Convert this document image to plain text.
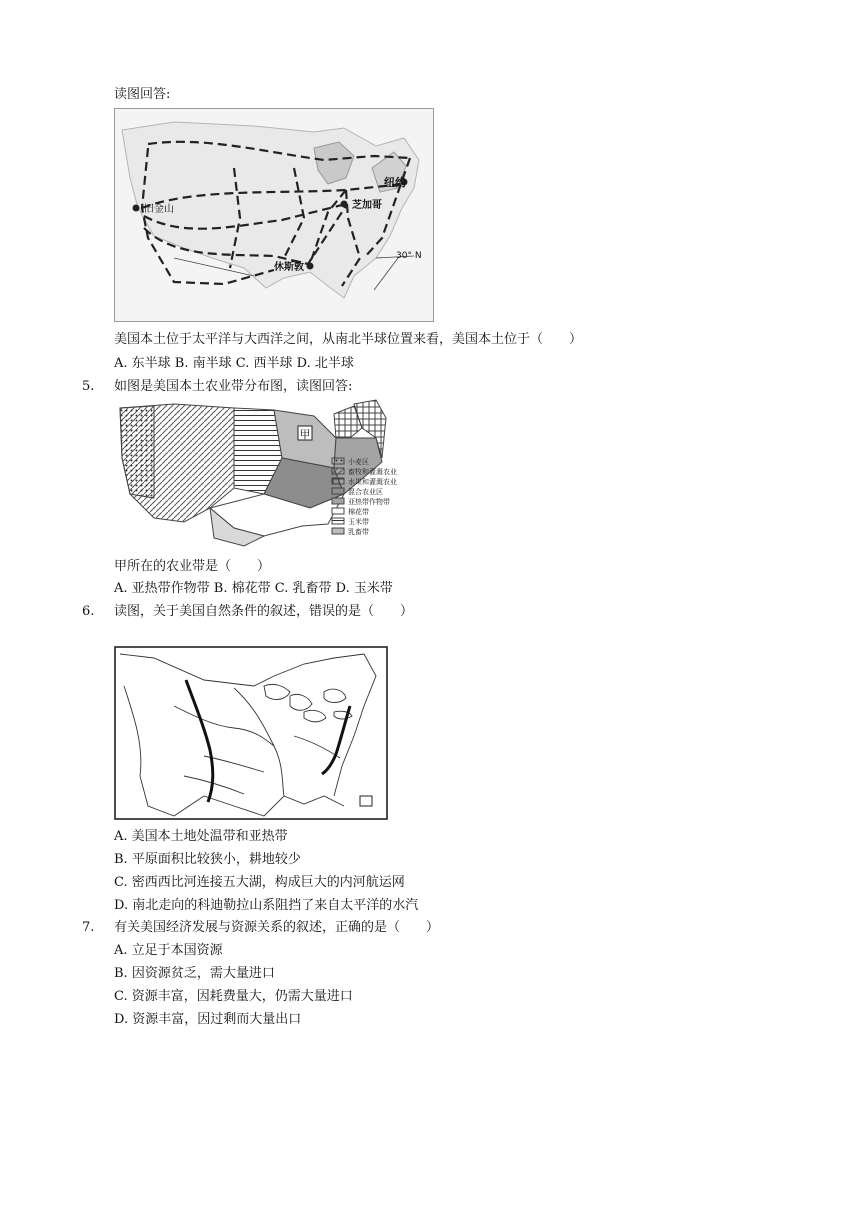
读图回答:
旧金山
纽约
芝加哥
休斯敦
30° N
美国本土位于太平洋与大西洋之间，从南北半球位置来看，美国本土位于（　　）
A. 东半球 B. 南半球 C. 西半球 D. 北半球
5. 如图是美国本土农业带分布图，读图回答:
甲
小麦区
畜牧和灌溉农业
水果和灌溉农业
混合农业区
亚热带作物带
棉花带
玉米带
乳畜带
甲所在的农业带是（　　）
A. 亚热带作物带 B. 棉花带 C. 乳畜带 D. 玉米带
6. 读图，关于美国自然条件的叙述，错误的是（　　）
A. 美国本土地处温带和亚热带
B. 平原面积比较狭小，耕地较少
C. 密西西比河连接五大湖，构成巨大的内河航运网
D. 南北走向的科迪勒拉山系阻挡了来自太平洋的水汽
7. 有关美国经济发展与资源关系的叙述，正确的是（　　）
A. 立足于本国资源
B. 因资源贫乏，需大量进口
C. 资源丰富，因耗费量大，仍需大量进口
D. 资源丰富，因过剩而大量出口
